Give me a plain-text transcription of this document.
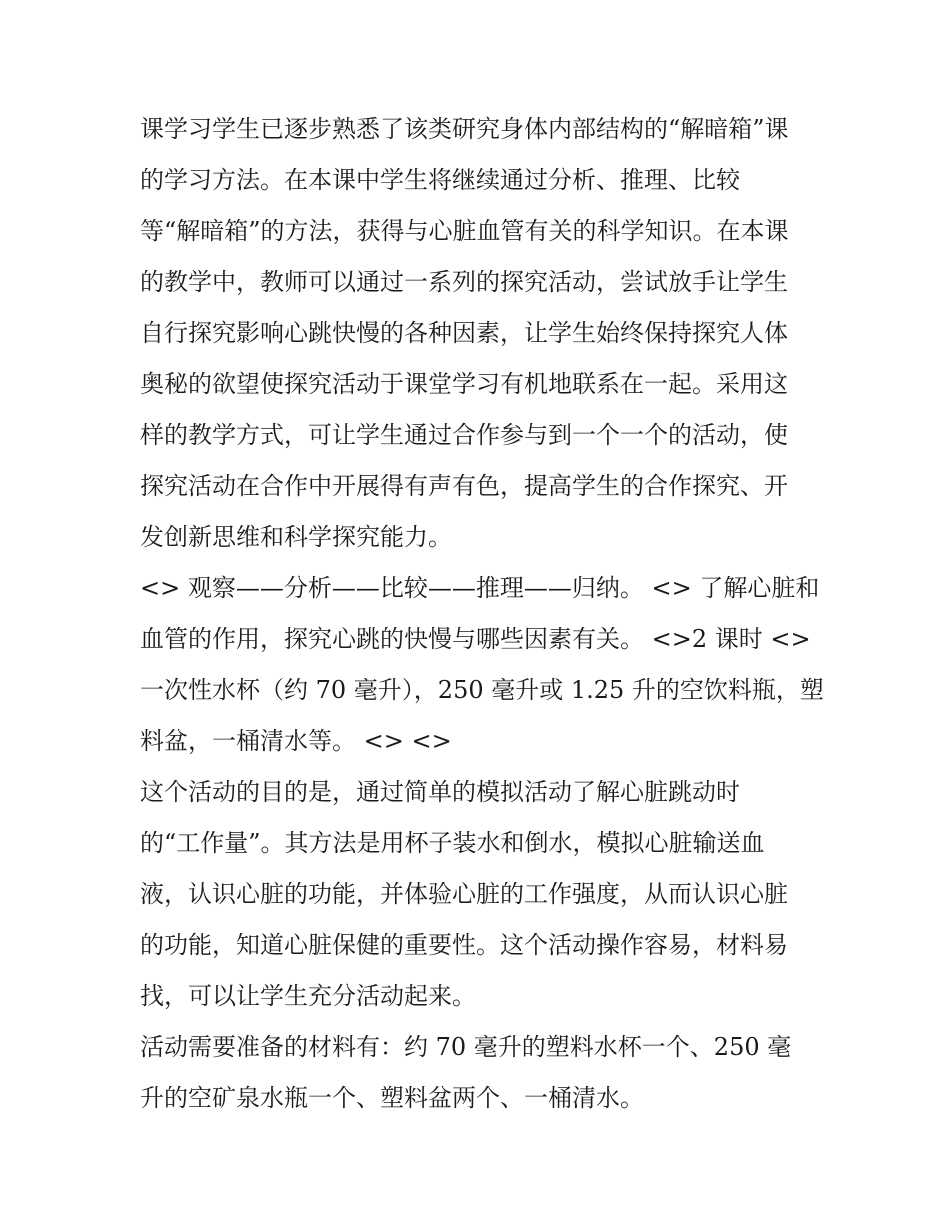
课学习学生已逐步熟悉了该类研究身体内部结构的“解暗箱”课
的学习方法。在本课中学生将继续通过分析、推理、比较
等“解暗箱”的方法，获得与心脏血管有关的科学知识。在本课
的教学中，教师可以通过一系列的探究活动，尝试放手让学生
自行探究影响心跳快慢的各种因素，让学生始终保持探究人体
奥秘的欲望使探究活动于课堂学习有机地联系在一起。采用这
样的教学方式，可让学生通过合作参与到一个一个的活动，使
探究活动在合作中开展得有声有色，提高学生的合作探究、开
发创新思维和科学探究能力。
<> 观察——分析——比较——推理——归纳。 <> 了解心脏和
血管的作用，探究心跳的快慢与哪些因素有关。 <>2 课时 <>
一次性水杯（约 70 毫升），250 毫升或 1.25 升的空饮料瓶，塑
料盆，一桶清水等。 <> <>
这个活动的目的是，通过简单的模拟活动了解心脏跳动时
的“工作量”。其方法是用杯子装水和倒水，模拟心脏输送血
液，认识心脏的功能，并体验心脏的工作强度，从而认识心脏
的功能，知道心脏保健的重要性。这个活动操作容易，材料易
找，可以让学生充分活动起来。
活动需要准备的材料有：约 70 毫升的塑料水杯一个、250 毫
升的空矿泉水瓶一个、塑料盆两个、一桶清水。
